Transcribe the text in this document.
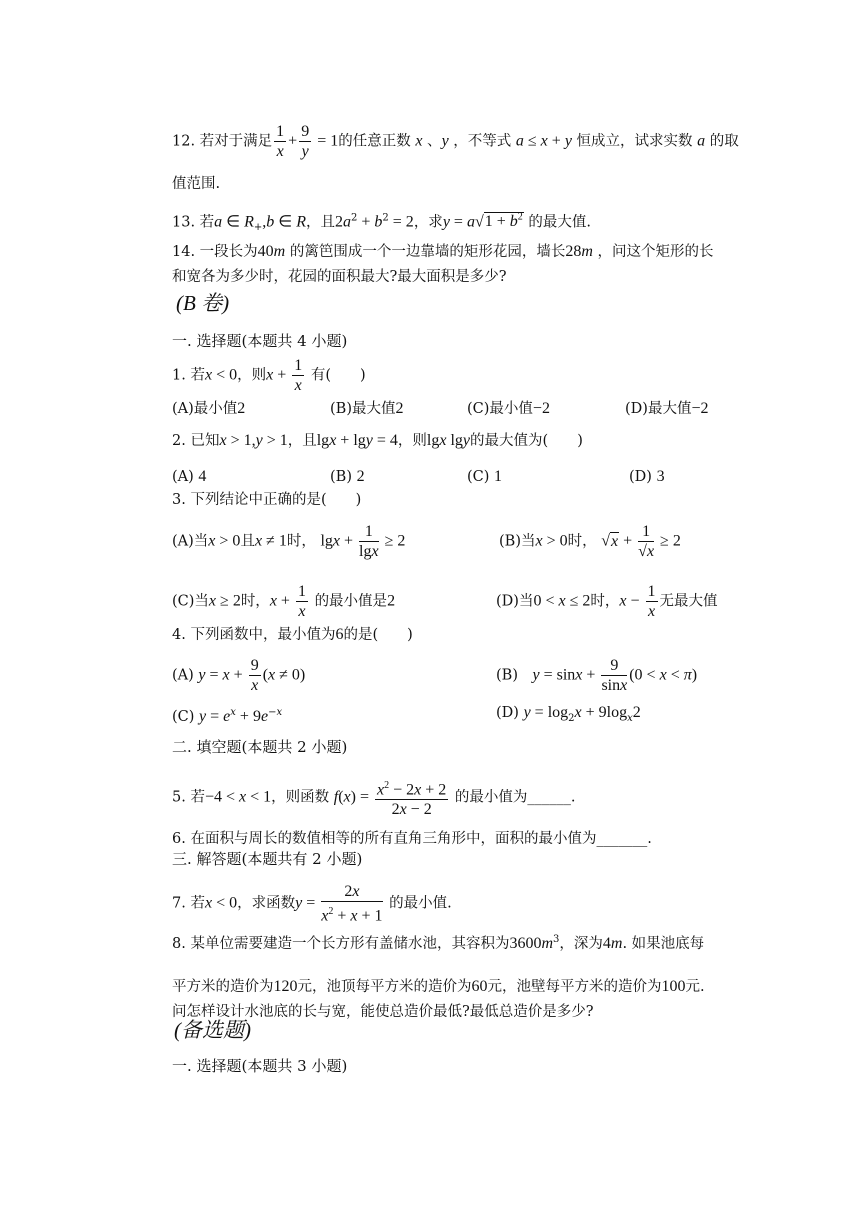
12. 若对于满足 $\frac{1}{x} + \frac{9}{y} = 1$的任意正数 x 、y ，不等式 a ≤ x + y 恒成立，试求实数 a 的取
值范围.
13. 若a ∈ $R_+,b$ ∈ R，且$2a^2 + b^2 = 2$，求$y = a√1 + b^2$ 的最大值.
14. 一段长为40m 的篱笆围成一个一边靠墙的矩形花园，墙长28m ，问这个矩形的长
和宽各为多少时，花园的面积最大?最大面积是多少?
(B 卷)
一. 选择题(本题共 4 小题)
1. 若x < 0，则$x + \frac{1}{x}$ 有(　　)
(A)最小值2	(B)最大值2	(C)最小值−2	(D)最大值−2
2. 已知x > 1,y > 1，且lgx + lgy = 4，则lgx lgy的最大值为(　　)
(A) 4	(B) 2	(C) 1	(D) 3
3. 下列结论中正确的是(　　)
(A)当x > 0且x ≠ 1时， $\lg x + \frac{1}{\lg x} \ge 2$	(B)当x > 0时， $√x + \frac{1}{√x} \ge 2$
(C)当x ≥ 2时，$x + \frac{1}{x}$ 的最小值是2	(D)当0 < x ≤ 2时，$x - \frac{1}{x}$ 无最大值
4. 下列函数中，最小值为6的是(　　)
(A) $y = x + \frac{9}{x} (x \ne 0)$	(B)　 $y = \sin x + \frac{9}{\sin x} (0 < x < \pi)$
(C) $y = e^x + 9e^{-x}$	(D) $y = \log_2x + 9\log_x2$
二. 填空题(本题共 2 小题)
5. 若−4 < x < 1，则函数 $f(x) = \frac{x^2 - 2x + 2}{2x - 2}$ 的最小值为______.
6. 在面积与周长的数值相等的所有直角三角形中，面积的最小值为_______.
三. 解答题(本题共有 2 小题)
7. 若x < 0，求函数$y = \frac{2x}{x^2 + x + 1}$ 的最小值.
8. 某单位需要建造一个长方形有盖储水池，其容积为$3600m^3$，深为4m. 如果池底每
平方米的造价为120元，池顶每平方米的造价为60元，池壁每平方米的造价为100元.
问怎样设计水池底的长与宽，能使总造价最低?最低总造价是多少?
(备选题)
一. 选择题(本题共 3 小题)
